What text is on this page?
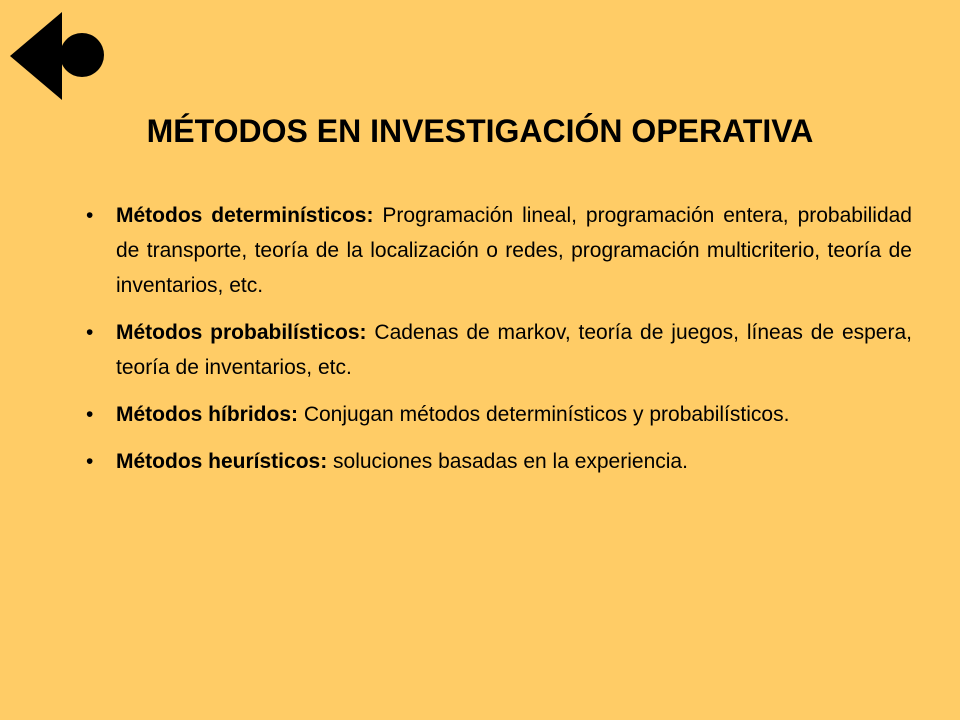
MÉTODOS EN INVESTIGACIÓN OPERATIVA
• Métodos determinísticos: Programación lineal, programación entera, probabilidad de transporte, teoría de la localización o redes, programación multicriterio, teoría de inventarios, etc.
• Métodos probabilísticos: Cadenas de markov, teoría de juegos, líneas de espera, teoría de inventarios, etc.
• Métodos híbridos: Conjugan métodos determinísticos y probabilísticos.
• Métodos heurísticos: soluciones basadas en la experiencia.
